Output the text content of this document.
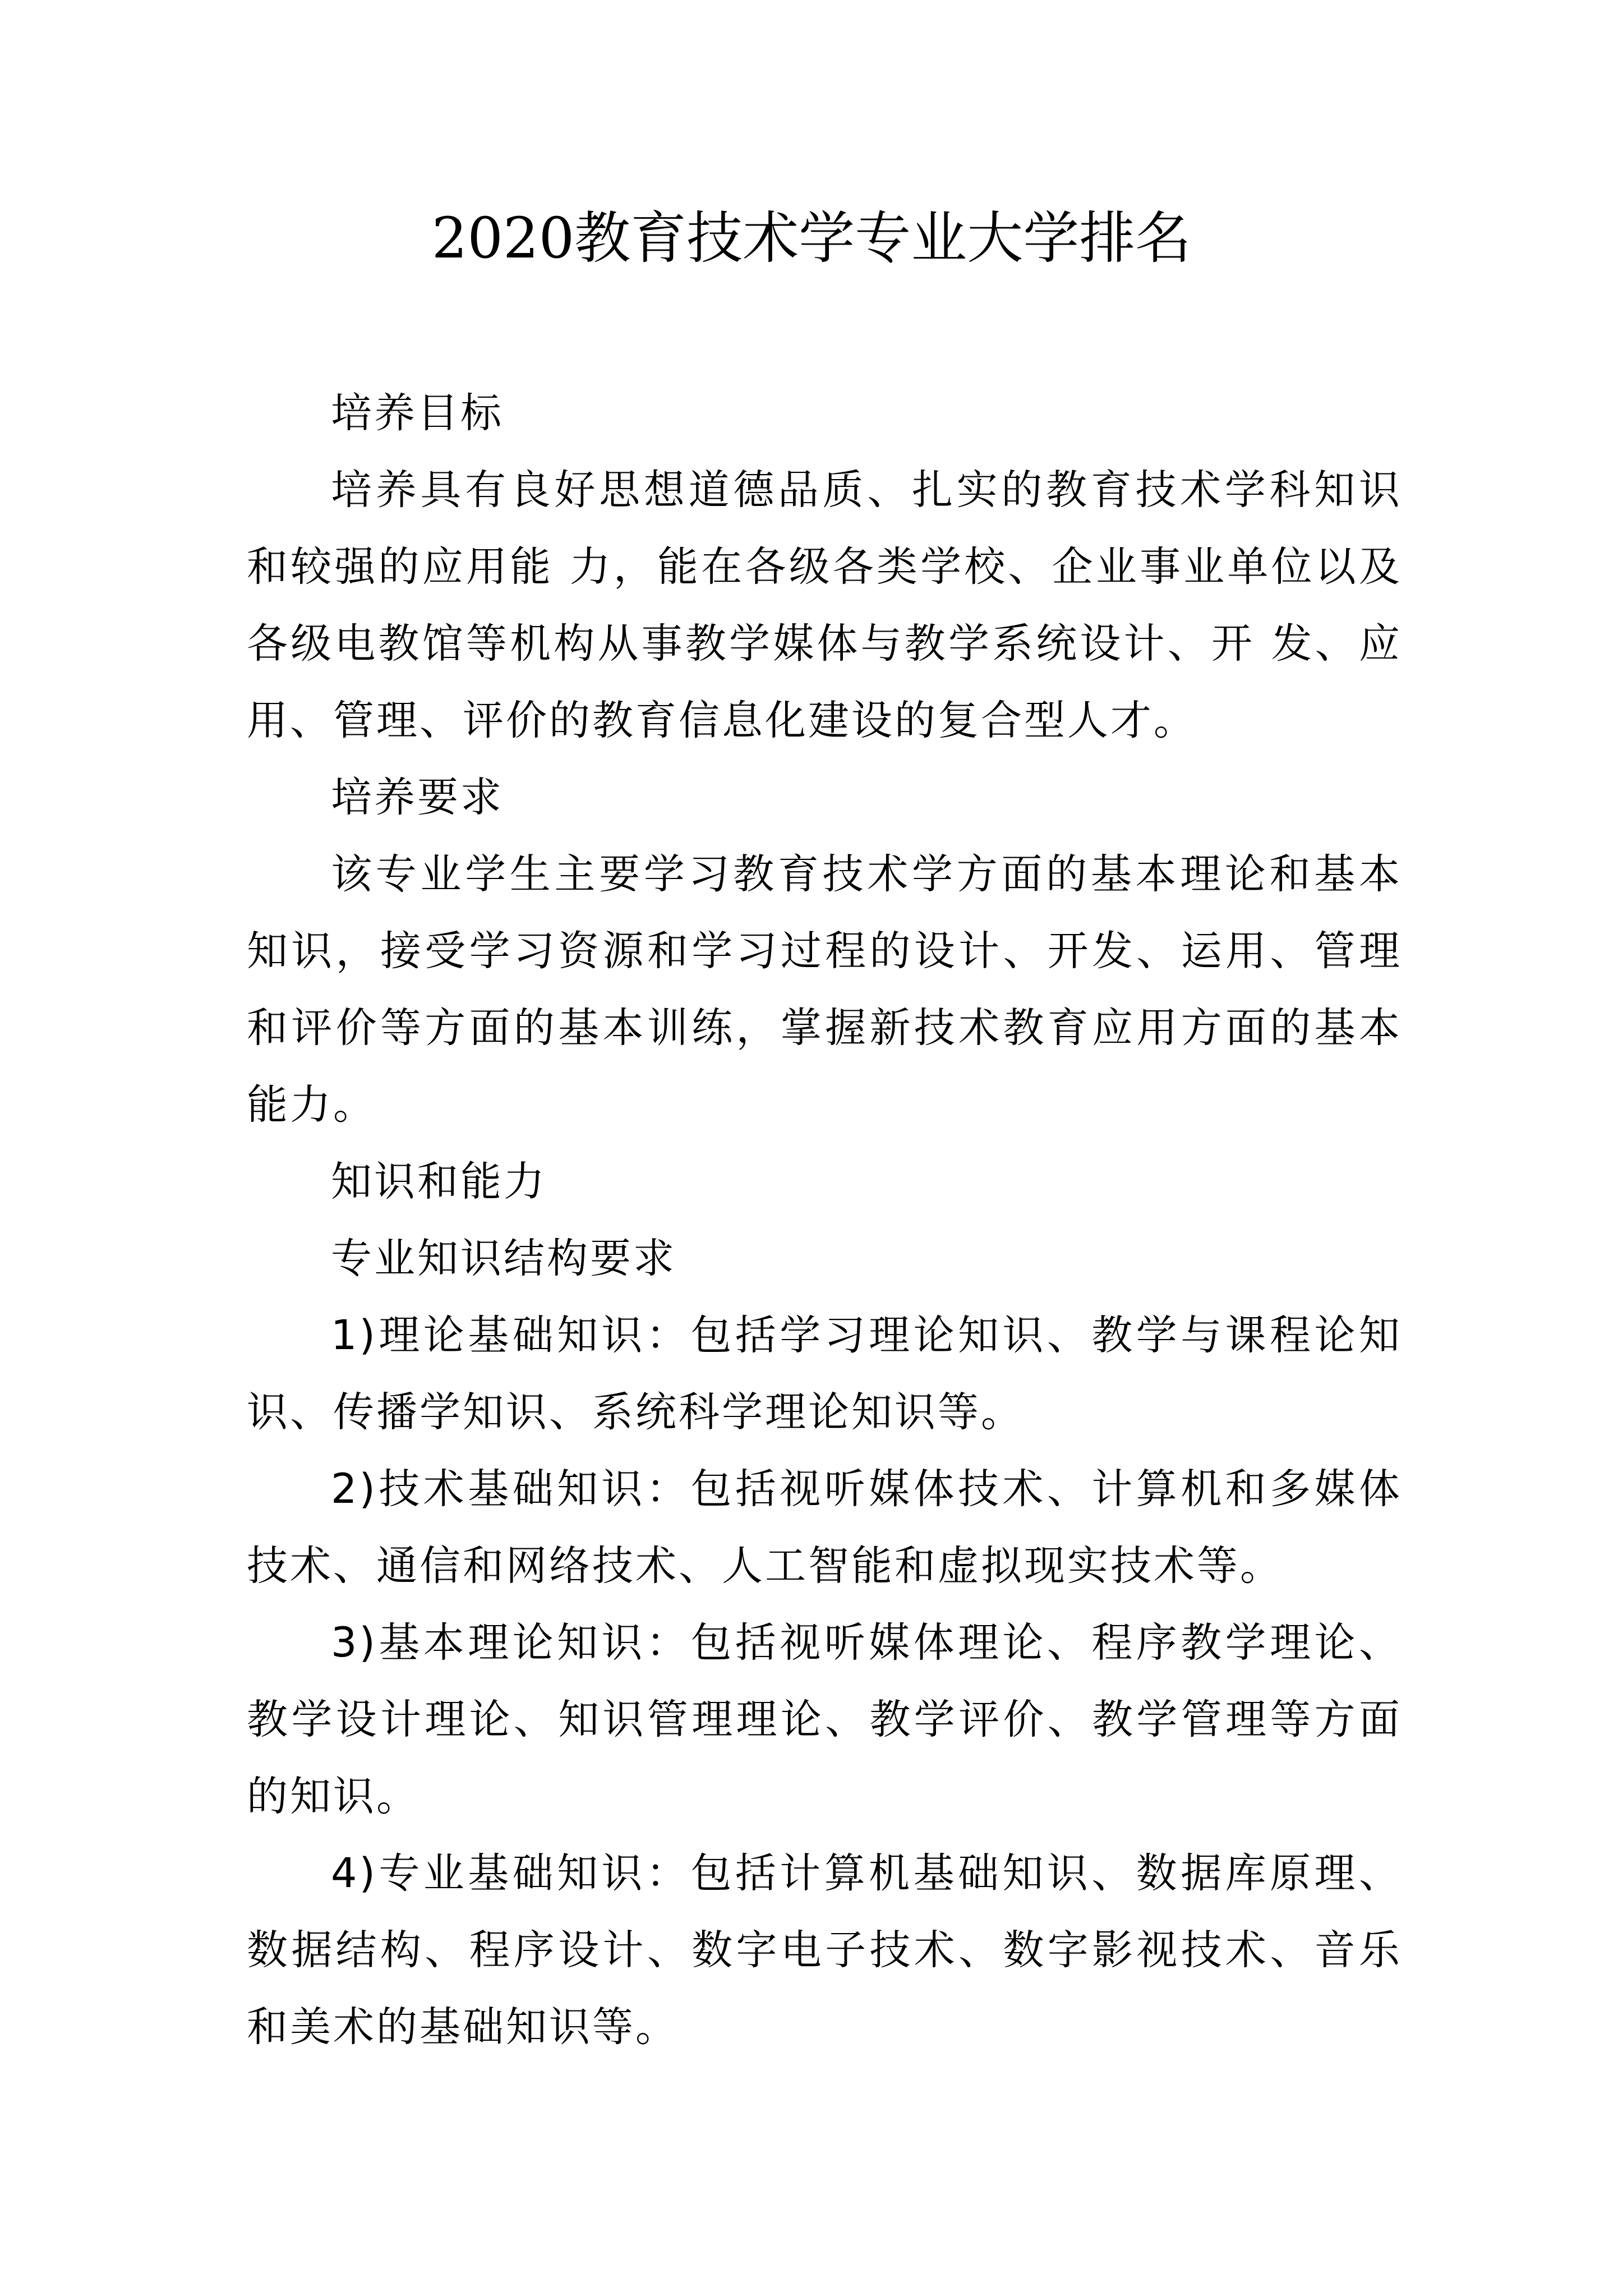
2020教育技术学专业大学排名

培养目标

培养具有良好思想道德品质、扎实的教育技术学科知识和较强的应用能 力，能在各级各类学校、企业事业单位以及各级电教馆等机构从事教学媒体与教学系统设计、开 发、应用、管理、评价的教育信息化建设的复合型人才。

培养要求

该专业学生主要学习教育技术学方面的基本理论和基本知识，接受学习资源和学习过程的设计、开发、运用、管理和评价等方面的基本训练，掌握新技术教育应用方面的基本能力。

知识和能力

专业知识结构要求

1)理论基础知识：包括学习理论知识、教学与课程论知识、传播学知识、系统科学理论知识等。

2)技术基础知识：包括视听媒体技术、计算机和多媒体技术、通信和网络技术、人工智能和虚拟现实技术等。

3)基本理论知识：包括视听媒体理论、程序教学理论、教学设计理论、知识管理理论、教学评价、教学管理等方面的知识。

4)专业基础知识：包括计算机基础知识、数据库原理、数据结构、程序设计、数字电子技术、数字影视技术、音乐和美术的基础知识等。
